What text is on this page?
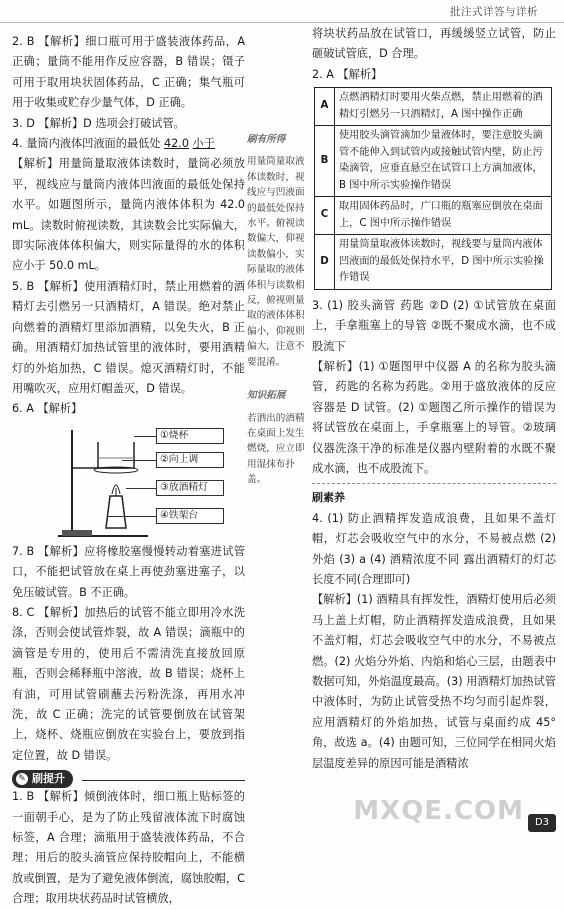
批注式详答与详析

2. B 【解析】细口瓶可用于盛装液体药品，A 正确；量筒不能用作反应容器，B 错误；镊子可用于取用块状固体药品，C 正确；集气瓶可用于收集或贮存少量气体，D 正确。

3. D 【解析】D 选项会打破试管。

4. 量筒内液体凹液面的最低处 42.0 小于

【解析】用量筒量取液体读数时，量筒必须放平，视线应与量筒内液体凹液面的最低处保持水平。如题图所示，量筒内液体体积为 42.0 mL。读数时俯视读数，其读数会比实际偏大，即实际液体体积偏大，则实际量得的水的体积应小于 50.0 mL。

5. B 【解析】使用酒精灯时，禁止用燃着的酒精灯去引燃另一只酒精灯，A 错误。绝对禁止向燃着的酒精灯里添加酒精，以免失火，B 正确。用酒精灯加热试管里的液体时，要用酒精灯的外焰加热，C 错误。熄灭酒精灯时，不能用嘴吹灭，应用灯帽盖灭，D 错误。

6. A 【解析】

①烧杯
②向上调
③放酒精灯
④铁架台

7. B 【解析】应将橡胶塞慢慢转动着塞进试管口，不能把试管放在桌上再使劲塞进塞子，以免压破试管。B 不正确。

8. C 【解析】加热后的试管不能立即用冷水洗涤，否则会使试管炸裂，故 A 错误；滴瓶中的滴管是专用的，使用后不需清洗直接放回原瓶，否则会稀释瓶中溶液，故 B 错误；烧杯上有油，可用试管刷蘸去污粉洗涤，再用水冲洗，故 C 正确；洗完的试管要倒放在试管架上，烧杯、烧瓶应倒放在实验台上，要放到指定位置，故 D 错误。

✎ 刷提升

1. B 【解析】倾倒液体时，细口瓶上贴标签的一面朝手心，是为了防止残留液体流下时腐蚀标签，A 合理；滴瓶用于盛装液体药品，不合理；用后的胶头滴管应保持胶帽向上，不能横放或倒置，是为了避免液体倒流，腐蚀胶帽，C 合理；取用块状药品时试管横放，

刷有所得
用量筒量取液体读数时，视线应与凹液面的最低处保持水平。俯视读数偏大，仰视读数偏小，实际量取的液体体积与读数相反，俯视则量取的液体体积偏小，仰视则偏大，注意不要混淆。
知识拓展
若洒出的酒精在桌面上发生燃烧，应立即用湿抹布扑盖。

将块状药品放在试管口，再缓缓竖立试管，防止砸破试管底，D 合理。

2. A 【解析】

A	点燃酒精灯时要用火柴点燃，禁止用燃着的酒精灯引燃另一只酒精灯，A 图中操作正确
B	使用胶头滴管滴加少量液体时，要注意胶头滴管不能伸入到试管内或接触试管内壁，防止污染滴管，应垂直悬空在试管口上方滴加液体，B 图中所示实验操作错误
C	取用固体药品时，广口瓶的瓶塞应倒放在桌面上，C 图中所示操作错误
D	用量筒量取液体读数时，视线要与量筒内液体凹液面的最低处保持水平，D 图中所示实验操作错误

3. (1) 胶头滴管 药匙 ②D (2) ①试管放在桌面上，手拿瓶塞上的导管 ②既不聚成水滴，也不成股流下

【解析】(1) ①题图甲中仪器 A 的名称为胶头滴管，药匙的名称为药匙。②用于盛放液体的反应容器是 D 试管。(2) ①题图乙所示操作的错误为将试管放在桌面上，手拿瓶塞上的导管。②玻璃仪器洗涤干净的标准是仪器内壁附着的水既不聚成水滴，也不成股流下。

刷素养

4. (1) 防止酒精挥发造成浪费，且如果不盖灯帽，灯芯会吸收空气中的水分，不易被点燃 (2) 外焰 (3) a (4) 酒精浓度不同 露出酒精灯的灯芯长度不同(合理即可)

【解析】(1) 酒精具有挥发性，酒精灯使用后必须马上盖上灯帽，防止酒精挥发造成浪费，且如果不盖灯帽，灯芯会吸收空气中的水分，不易被点燃。(2) 火焰分外焰、内焰和焰心三层，由题表中数据可知，外焰温度最高。(3) 用酒精灯加热试管中液体时，为防止试管受热不均匀而引起炸裂，应用酒精灯的外焰加热，试管与桌面约成 45°角，故选 a。(4) 由题可知，三位同学在相同火焰层温度差异的原因可能是酒精浓

MXQE.COM	D3
